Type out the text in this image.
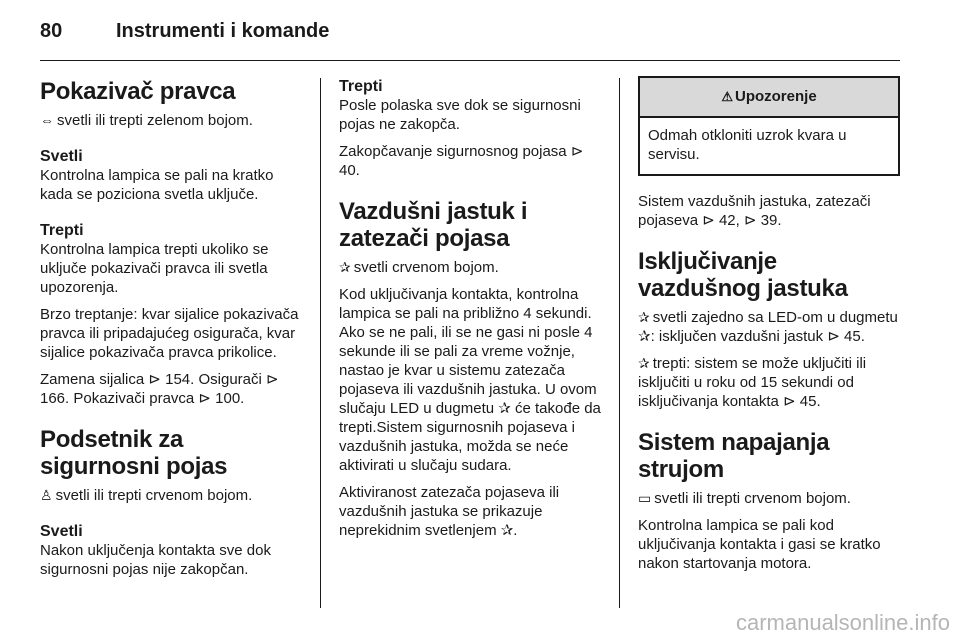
80	Instrumenti i komande
Pokazivač pravca

⇔ svetli ili trepti zelenom bojom.

Svetli

Kontrolna lampica se pali na kratko kada se poziciona svetla uključe.

Trepti

Kontrolna lampica trepti ukoliko se uključe pokazivači pravca ili svetla upozorenja.

Brzo treptanje: kvar sijalice pokazivača pravca ili pripadajućeg osigurača, kvar sijalice pokazivača pravca prikolice.

Zamena sijalica ⊳ 154. Osigurači ⊳ 166. Pokazivači pravca ⊳ 100.

Podsetnik za sigurnosni pojas

♙ svetli ili trepti crvenom bojom.

Svetli

Nakon uključenja kontakta sve dok sigurnosni pojas nije zakopčan.

Trepti

Posle polaska sve dok se sigurnosni pojas ne zakopča.

Zakopčavanje sigurnosnog pojasa ⊳ 40.

Vazdušni jastuk i zatezači pojasa

✰ svetli crvenom bojom.

Kod uključivanja kontakta, kontrolna lampica se pali na približno 4 sekundi. Ako se ne pali, ili se ne gasi ni posle 4 sekunde ili se pali za vreme vožnje, nastao je kvar u sistemu zatezača pojaseva ili vazdušnih jastuka. U ovom slučaju LED u dugmetu ✰ će takođe da trepti.Sistem sigurnosnih pojaseva i vazdušnih jastuka, možda se neće aktivirati u slučaju sudara.

Aktiviranost zatezača pojaseva ili vazdušnih jastuka se prikazuje neprekidnim svetlenjem ✰.

⚠ Upozorenje
Odmah otkloniti uzrok kvara u servisu.

Sistem vazdušnih jastuka, zatezači pojaseva ⊳ 42, ⊳ 39.

Isključivanje vazdušnog jastuka

✰ svetli zajedno sa LED-om u dugmetu ✰: isključen vazdušni jastuk ⊳ 45.

✰ trepti: sistem se može uključiti ili isključiti u roku od 15 sekundi od isključivanja kontakta ⊳ 45.

Sistem napajanja strujom

▭ svetli ili trepti crvenom bojom.

Kontrolna lampica se pali kod uključivanja kontakta i gasi se kratko nakon startovanja motora.

carmanualsonline.info
